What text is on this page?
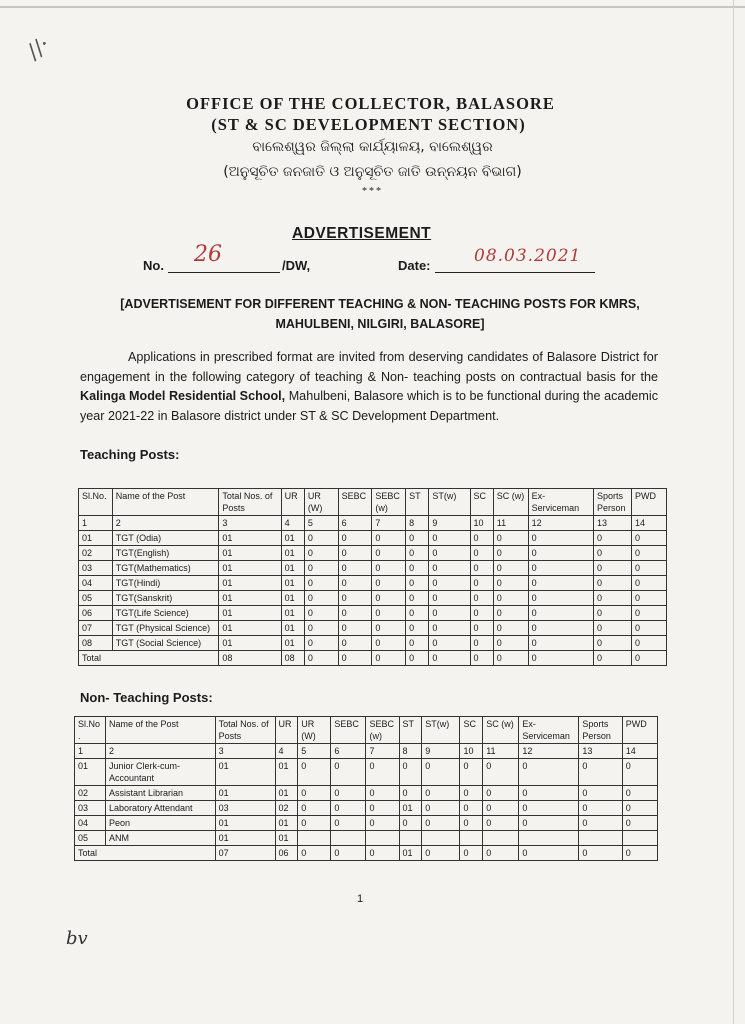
//·
OFFICE OF THE COLLECTOR, BALASORE
(ST & SC DEVELOPMENT SECTION)
ବାଲେଶ୍ୱର ଜିଲ୍ଲା କାର୍ଯ୍ୟାଳୟ, ବାଲେଶ୍ୱର
(ଅନୁସୂଚିତ ଜନଜାତି ଓ ଅନୁସୂଚିତ ଜାତି ଉନ୍ନୟନ ବିଭାଗ)
***
ADVERTISEMENT
No. 26	/DW,	Date:	08.03.2021
[ADVERTISEMENT FOR DIFFERENT TEACHING & NON- TEACHING POSTS FOR KMRS, MAHULBENI, NILGIRI, BALASORE]
Applications in prescribed format are invited from deserving candidates of Balasore District for engagement in the following category of teaching & Non- teaching posts on contractual basis for the Kalinga Model Residential School, Mahulbeni, Balasore which is to be functional during the academic year 2021-22 in Balasore district under ST & SC Development Department.
Teaching Posts:
Sl.No.	Name of the Post	Total Nos. of Posts	UR	UR (W)	SEBC	SEBC (w)	ST	ST(w)	SC	SC (w)	Ex-Serviceman	Sports Person	PWD
1	2	3	4	5	6	7	8	9	10	11	12	13	14
01	TGT (Odia)	01	01	0	0	0	0	0	0	0	0	0	0
02	TGT(English)	01	01	0	0	0	0	0	0	0	0	0	0
03	TGT(Mathematics)	01	01	0	0	0	0	0	0	0	0	0	0
04	TGT(Hindi)	01	01	0	0	0	0	0	0	0	0	0	0
05	TGT(Sanskrit)	01	01	0	0	0	0	0	0	0	0	0	0
06	TGT(Life Science)	01	01	0	0	0	0	0	0	0	0	0	0
07	TGT (Physical Science)	01	01	0	0	0	0	0	0	0	0	0	0
08	TGT (Social Science)	01	01	0	0	0	0	0	0	0	0	0	0
Total		08	08	0	0	0	0	0	0	0	0	0	0
Non- Teaching Posts:
Sl.No .	Name of the Post	Total Nos. of Posts	UR	UR (W)	SEBC	SEBC (w)	ST	ST(w)	SC	SC (w)	Ex-Serviceman	Sports Person	PWD
1	2	3	4	5	6	7	8	9	10	11	12	13	14
01	Junior Clerk-cum-Accountant	01	01	0	0	0	0	0	0	0	0	0	0
02	Assistant Librarian	01	01	0	0	0	0	0	0	0	0	0	0
03	Laboratory Attendant	03	02	0	0	0	01	0	0	0	0	0	0
04	Peon	01	01	0	0	0	0	0	0	0	0	0	0
05	ANM	01	01										
Total		07	06	0	0	0	01	0	0	0	0	0	0
1
bv
